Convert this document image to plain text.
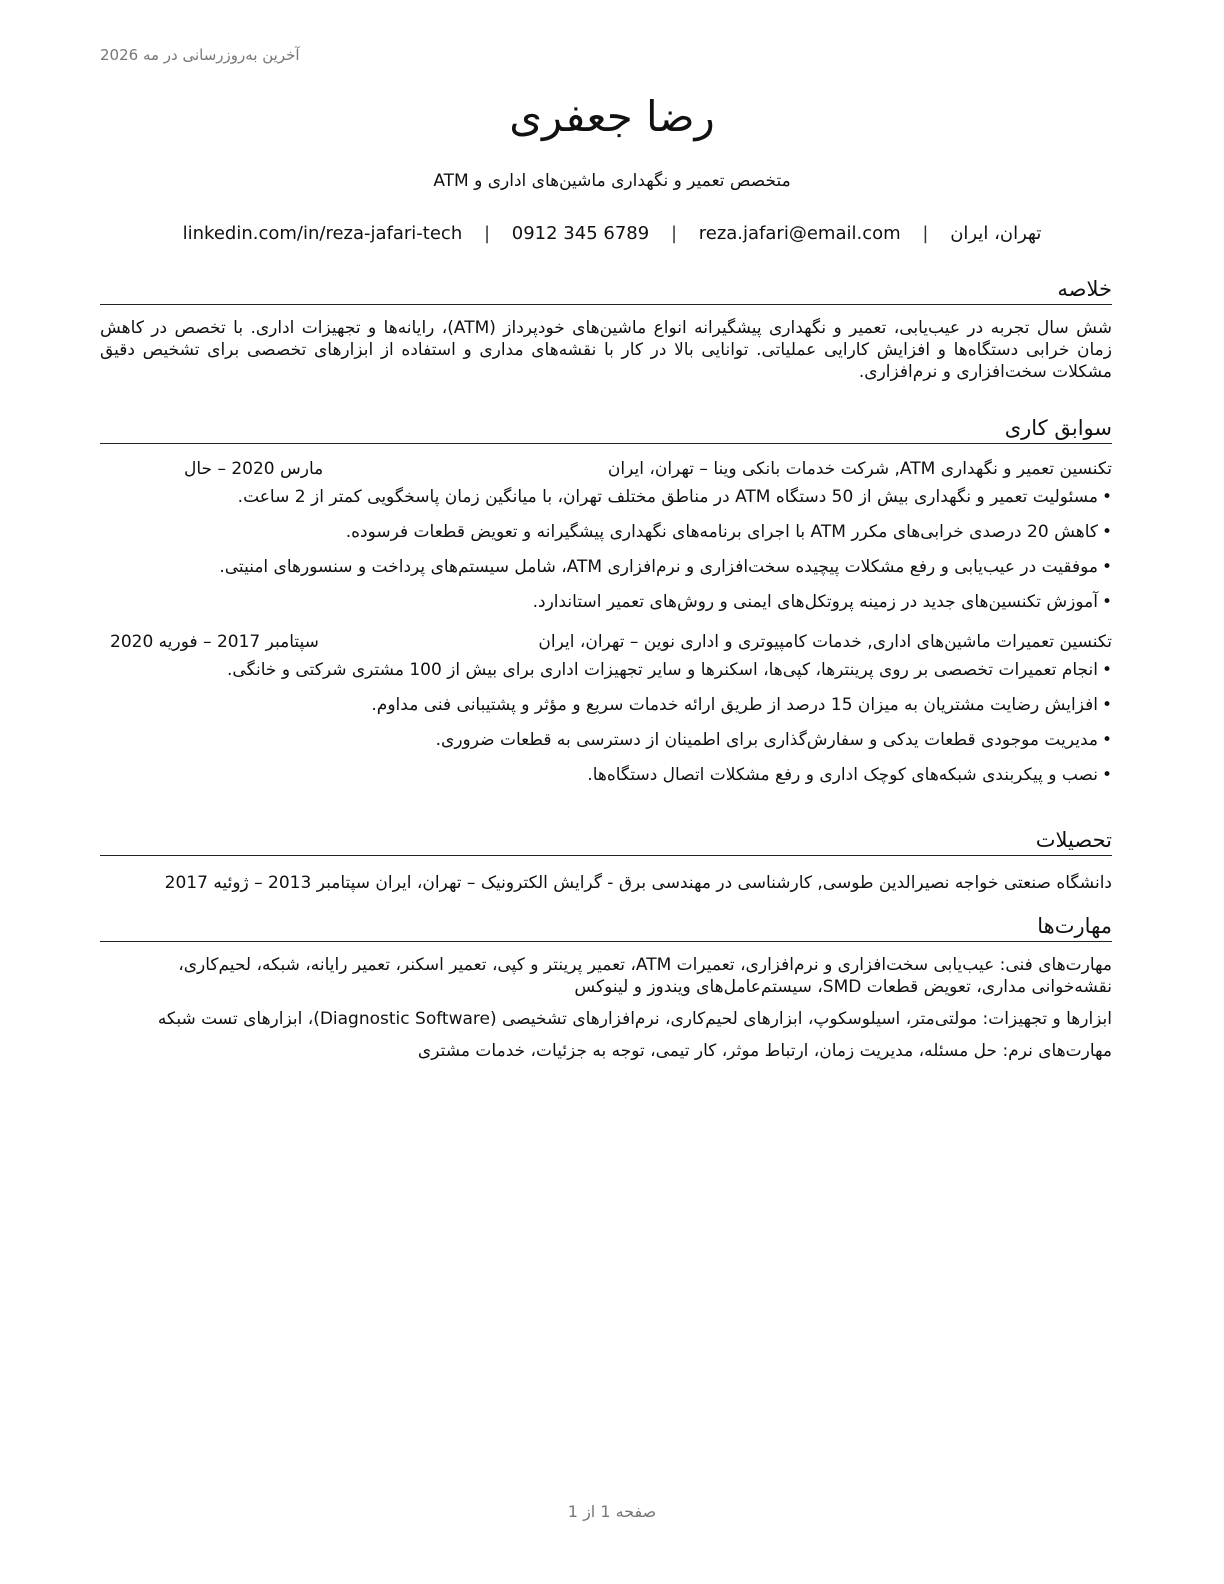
آخرین به‌روزرسانی در مه 2026
رضا جعفری
متخصص تعمیر و نگهداری ماشین‌های اداری و ATM
تهران، ایران | reza.jafari@email.com | 0912 345 6789 | linkedin.com/in/reza-jafari-tech
خلاصه

شش سال تجربه در عیب‌یابی، تعمیر و نگهداری پیشگیرانه انواع ماشین‌های خودپرداز (ATM)، رایانه‌ها و تجهیزات اداری. با تخصص در کاهش زمان خرابی دستگاه‌ها و افزایش کارایی عملیاتی. توانایی بالا در کار با نقشه‌های مداری و استفاده از ابزارهای تخصصی برای تشخیص دقیق مشکلات سخت‌افزاری و نرم‌افزاری.

سوابق کاری
تکنسین تعمیر و نگهداری ATM, شرکت خدمات بانکی وینا – تهران، ایران
مارس 2020 – حال
• مسئولیت تعمیر و نگهداری بیش از 50 دستگاه ATM در مناطق مختلف تهران، با میانگین زمان پاسخگویی کمتر از 2 ساعت.
• کاهش 20 درصدی خرابی‌های مکرر ATM با اجرای برنامه‌های نگهداری پیشگیرانه و تعویض قطعات فرسوده.
• موفقیت در عیب‌یابی و رفع مشکلات پیچیده سخت‌افزاری و نرم‌افزاری ATM، شامل سیستم‌های پرداخت و سنسورهای امنیتی.
• آموزش تکنسین‌های جدید در زمینه پروتکل‌های ایمنی و روش‌های تعمیر استاندارد.
تکنسین تعمیرات ماشین‌های اداری, خدمات کامپیوتری و اداری نوین – تهران، ایران
سپتامبر 2017 – فوریه 2020
• انجام تعمیرات تخصصی بر روی پرینترها، کپی‌ها، اسکنرها و سایر تجهیزات اداری برای بیش از 100 مشتری شرکتی و خانگی.
• افزایش رضایت مشتریان به میزان 15 درصد از طریق ارائه خدمات سریع و مؤثر و پشتیبانی فنی مداوم.
• مدیریت موجودی قطعات یدکی و سفارش‌گذاری برای اطمینان از دسترسی به قطعات ضروری.
• نصب و پیکربندی شبکه‌های کوچک اداری و رفع مشکلات اتصال دستگاه‌ها.
تحصیلات
دانشگاه صنعتی خواجه نصیرالدین طوسی, کارشناسی در مهندسی برق - گرایش الکترونیک – تهران، ایران سپتامبر 2013 – ژوئیه 2017
مهارت‌ها
مهارت‌های فنی: عیب‌یابی سخت‌افزاری و نرم‌افزاری، تعمیرات ATM، تعمیر پرینتر و کپی، تعمیر اسکنر، تعمیر رایانه، شبکه، لحیم‌کاری، نقشه‌خوانی مداری، تعویض قطعات SMD، سیستم‌عامل‌های ویندوز و لینوکس
ابزارها و تجهیزات: مولتی‌متر، اسیلوسکوپ، ابزارهای لحیم‌کاری، نرم‌افزارهای تشخیصی (Diagnostic Software)، ابزارهای تست شبکه
مهارت‌های نرم: حل مسئله، مدیریت زمان، ارتباط موثر، کار تیمی، توجه به جزئیات، خدمات مشتری
صفحه 1 از 1
